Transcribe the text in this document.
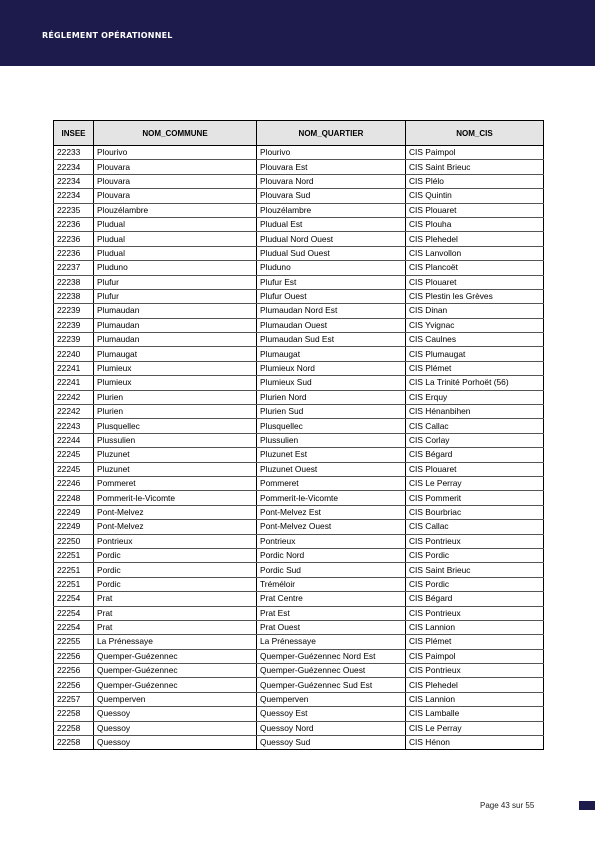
RÉGLEMENT OPÉRATIONNEL
INSEE	NOM_COMMUNE	NOM_QUARTIER	NOM_CIS
22233	Plourivo	Plourivo	CIS Paimpol
22234	Plouvara	Plouvara Est	CIS Saint Brieuc
22234	Plouvara	Plouvara Nord	CIS Plélo
22234	Plouvara	Plouvara Sud	CIS Quintin
22235	Plouzélambre	Plouzélambre	CIS Plouaret
22236	Pludual	Pludual Est	CIS Plouha
22236	Pludual	Pludual Nord Ouest	CIS Plehedel
22236	Pludual	Pludual Sud Ouest	CIS Lanvollon
22237	Pluduno	Pluduno	CIS Plancoët
22238	Plufur	Plufur Est	CIS Plouaret
22238	Plufur	Plufur Ouest	CIS Plestin les Grèves
22239	Plumaudan	Plumaudan Nord Est	CIS Dinan
22239	Plumaudan	Plumaudan Ouest	CIS Yvignac
22239	Plumaudan	Plumaudan Sud Est	CIS Caulnes
22240	Plumaugat	Plumaugat	CIS Plumaugat
22241	Plumieux	Plumieux Nord	CIS Plémet
22241	Plumieux	Plumieux Sud	CIS La Trinité Porhoët (56)
22242	Plurien	Plurien Nord	CIS Erquy
22242	Plurien	Plurien Sud	CIS Hénanbihen
22243	Plusquellec	Plusquellec	CIS Callac
22244	Plussulien	Plussulien	CIS Corlay
22245	Pluzunet	Pluzunet Est	CIS Bégard
22245	Pluzunet	Pluzunet Ouest	CIS Plouaret
22246	Pommeret	Pommeret	CIS Le Perray
22248	Pommerit-le-Vicomte	Pommerit-le-Vicomte	CIS Pommerit
22249	Pont-Melvez	Pont-Melvez Est	CIS Bourbriac
22249	Pont-Melvez	Pont-Melvez Ouest	CIS Callac
22250	Pontrieux	Pontrieux	CIS Pontrieux
22251	Pordic	Pordic Nord	CIS Pordic
22251	Pordic	Pordic Sud	CIS Saint Brieuc
22251	Pordic	Tréméloir	CIS Pordic
22254	Prat	Prat Centre	CIS Bégard
22254	Prat	Prat Est	CIS Pontrieux
22254	Prat	Prat Ouest	CIS Lannion
22255	La Prénessaye	La Prénessaye	CIS Plémet
22256	Quemper-Guézennec	Quemper-Guézennec Nord Est	CIS Paimpol
22256	Quemper-Guézennec	Quemper-Guézennec Ouest	CIS Pontrieux
22256	Quemper-Guézennec	Quemper-Guézennec Sud Est	CIS Plehedel
22257	Quemperven	Quemperven	CIS Lannion
22258	Quessoy	Quessoy Est	CIS Lamballe
22258	Quessoy	Quessoy Nord	CIS Le Perray
22258	Quessoy	Quessoy Sud	CIS Hénon
Page 43 sur 55
